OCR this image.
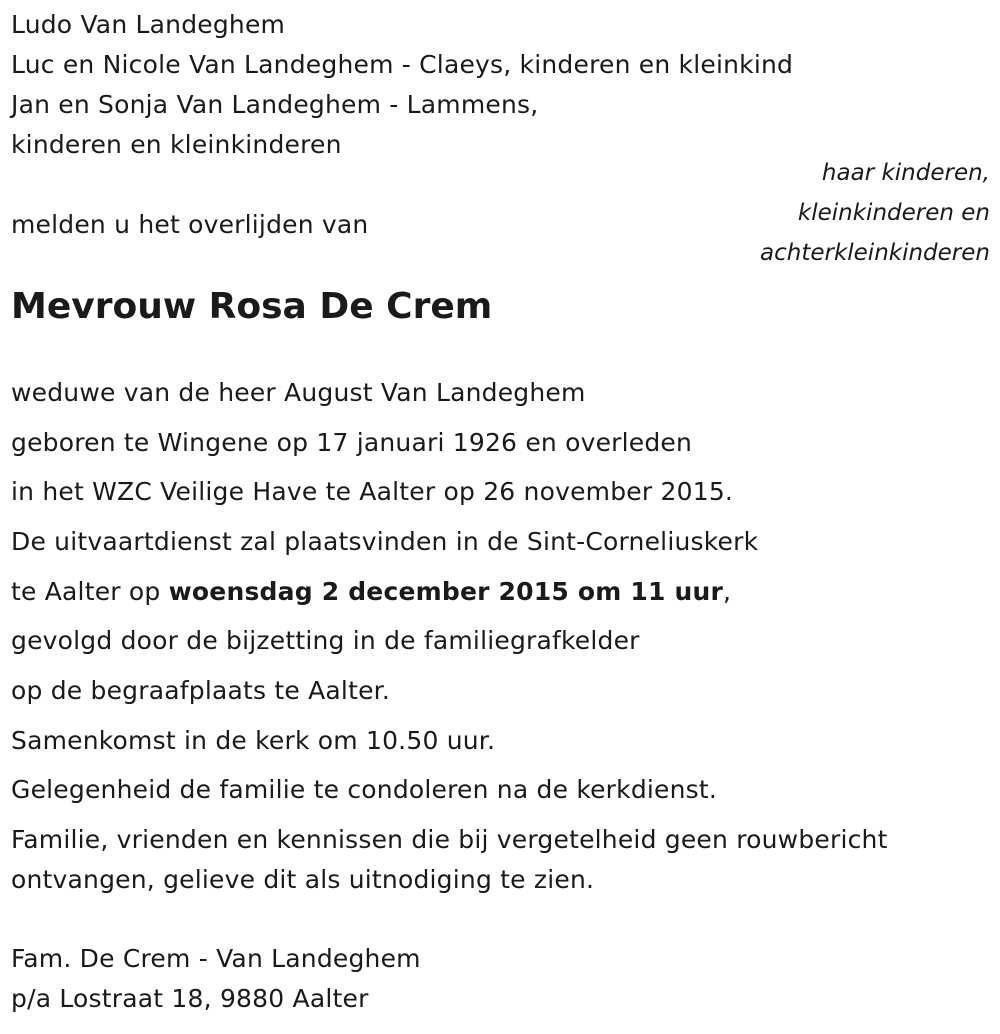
Ludo Van Landeghem
Luc en Nicole Van Landeghem - Claeys, kinderen en kleinkind
Jan en Sonja Van Landeghem - Lammens,
kinderen en kleinkinderen
haar kinderen,
kleinkinderen en
achterkleinkinderen
melden u het overlijden van
Mevrouw Rosa De Crem
weduwe van de heer August Van Landeghem
geboren te Wingene op 17 januari 1926 en overleden
in het WZC Veilige Have te Aalter op 26 november 2015.
De uitvaartdienst zal plaatsvinden in de Sint-Corneliuskerk
te Aalter op woensdag 2 december 2015 om 11 uur,
gevolgd door de bijzetting in de familiegrafkelder
op de begraafplaats te Aalter.
Samenkomst in de kerk om 10.50 uur.
Gelegenheid de familie te condoleren na de kerkdienst.
Familie, vrienden en kennissen die bij vergetelheid geen rouwbericht
ontvangen, gelieve dit als uitnodiging te zien.
Fam. De Crem - Van Landeghem
p/a Lostraat 18, 9880 Aalter
